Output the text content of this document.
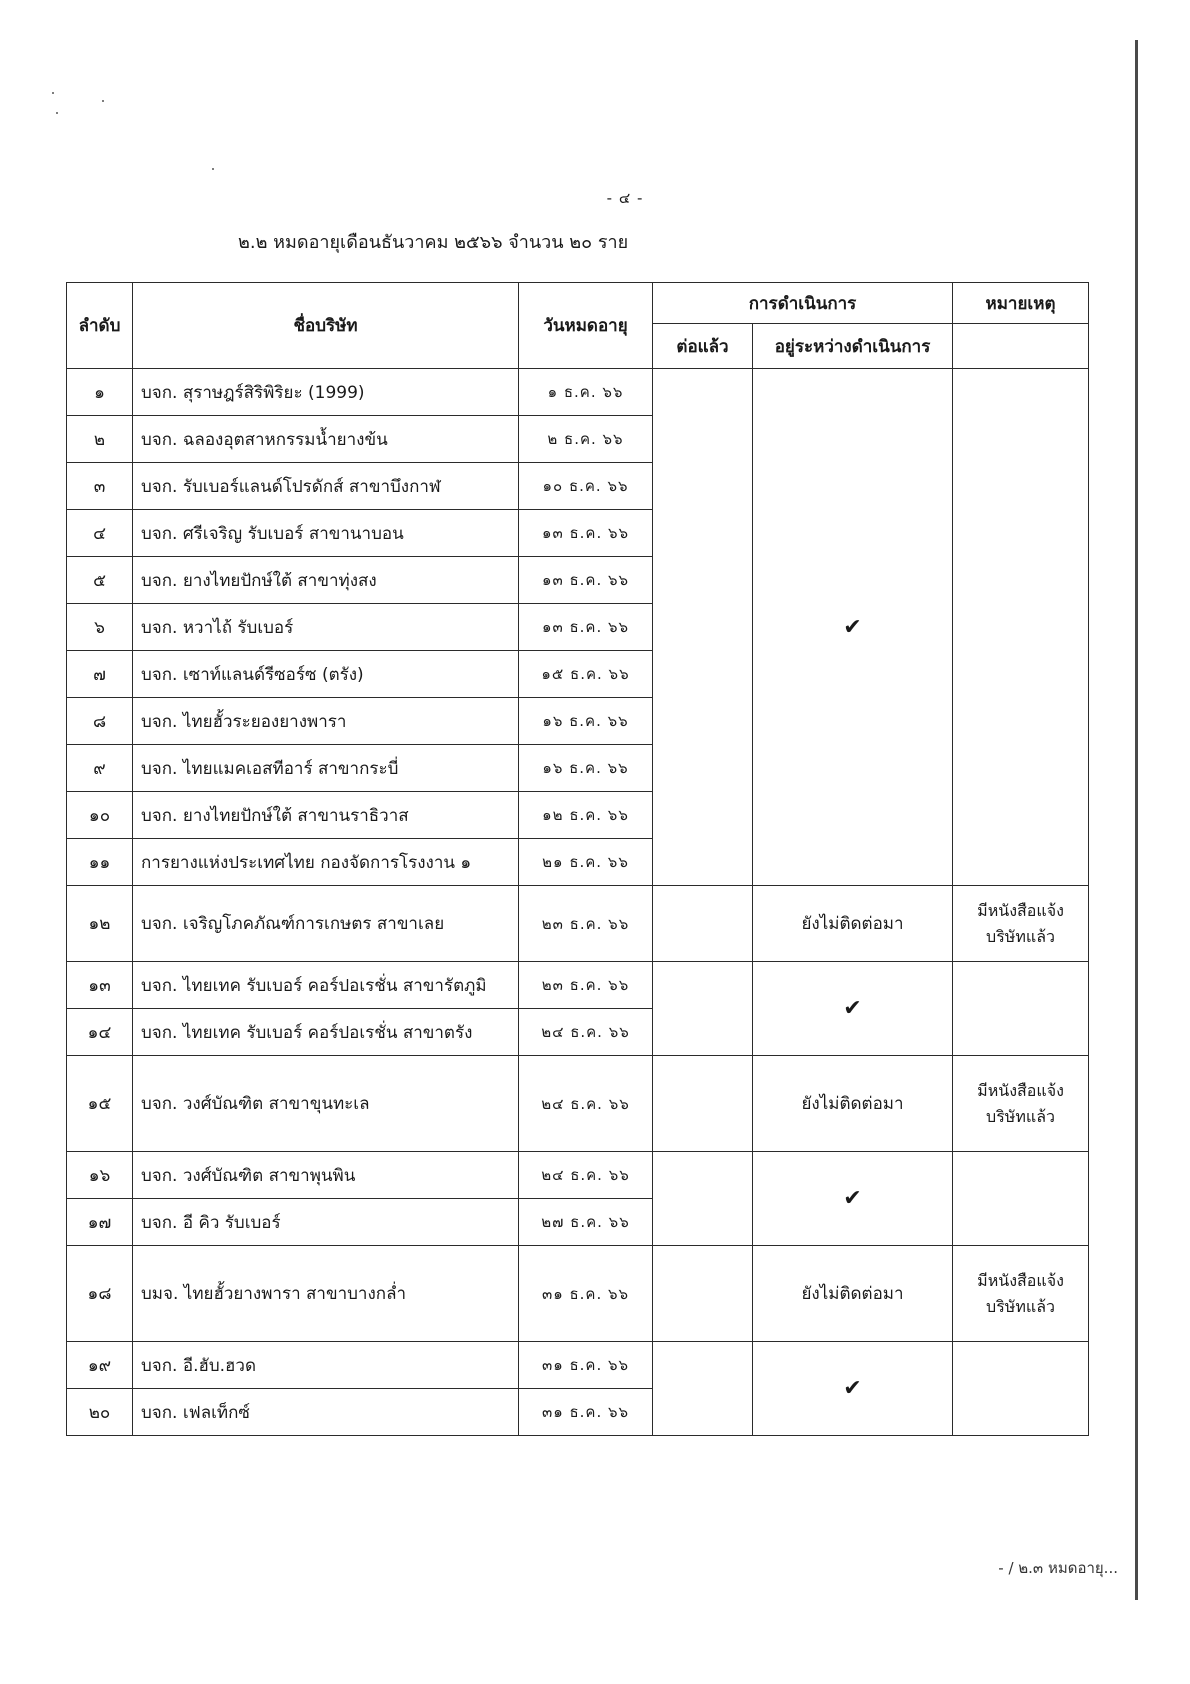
- ๔ -
๒.๒ หมดอายุเดือนธันวาคม ๒๕๖๖ จำนวน ๒๐ ราย
ลำดับ	ชื่อบริษัท	วันหมดอายุ	การดำเนินการ		หมายเหตุ
			ต่อแล้ว	อยู่ระหว่างดำเนินการ	
๑	บจก. สุราษฎร์สิริพิริยะ (1999)	๑ ธ.ค. ๖๖		✔	
๒	บจก. ฉลองอุตสาหกรรมน้ำยางข้น	๒ ธ.ค. ๖๖			
๓	บจก. รับเบอร์แลนด์โปรดักส์ สาขาบึงกาฬ	๑๐ ธ.ค. ๖๖			
๔	บจก. ศรีเจริญ รับเบอร์ สาขานาบอน	๑๓ ธ.ค. ๖๖			
๕	บจก. ยางไทยปักษ์ใต้ สาขาทุ่งสง	๑๓ ธ.ค. ๖๖			
๖	บจก. หวาไถ้ รับเบอร์	๑๓ ธ.ค. ๖๖			
๗	บจก. เซาท์แลนด์รีซอร์ซ (ตรัง)	๑๕ ธ.ค. ๖๖			
๘	บจก. ไทยฮั้วระยองยางพารา	๑๖ ธ.ค. ๖๖			
๙	บจก. ไทยแมคเอสทีอาร์ สาขากระบี่	๑๖ ธ.ค. ๖๖			
๑๐	บจก. ยางไทยปักษ์ใต้ สาขานราธิวาส	๑๒ ธ.ค. ๖๖			
๑๑	การยางแห่งประเทศไทย กองจัดการโรงงาน ๑	๒๑ ธ.ค. ๖๖			
๑๒	บจก. เจริญโภคภัณฑ์การเกษตร สาขาเลย	๒๓ ธ.ค. ๖๖		ยังไม่ติดต่อมา	มีหนังสือแจ้ง
บริษัทแล้ว

๑๓	บจก. ไทยเทค รับเบอร์ คอร์ปอเรชั่น สาขารัตภูมิ	๒๓ ธ.ค. ๖๖		✔	
๑๔	บจก. ไทยเทค รับเบอร์ คอร์ปอเรชั่น สาขาตรัง	๒๔ ธ.ค. ๖๖			
๑๕	บจก. วงศ์บัณฑิต สาขาขุนทะเล	๒๔ ธ.ค. ๖๖		ยังไม่ติดต่อมา	มีหนังสือแจ้ง
บริษัทแล้ว

๑๖	บจก. วงศ์บัณฑิต สาขาพุนพิน	๒๔ ธ.ค. ๖๖		✔	
๑๗	บจก. อี คิว รับเบอร์	๒๗ ธ.ค. ๖๖			
๑๘	บมจ. ไทยฮั้วยางพารา สาขาบางกล่ำ	๓๑ ธ.ค. ๖๖		ยังไม่ติดต่อมา	มีหนังสือแจ้ง
บริษัทแล้ว

๑๙	บจก. อี.ฮับ.ฮวด	๓๑ ธ.ค. ๖๖		✔	
๒๐	บจก. เฟลเท็กซ์	๓๑ ธ.ค. ๖๖			
- / ๒.๓ หมดอายุ...
